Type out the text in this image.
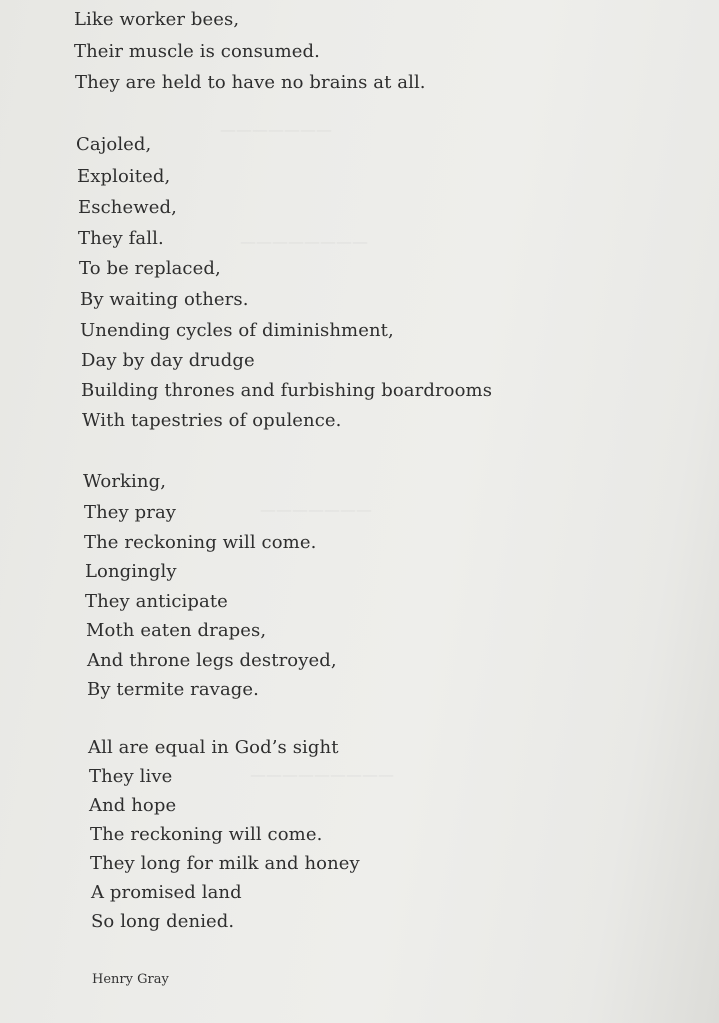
———————
————————
———————
—————————
Like worker bees,
Their muscle is consumed.
They are held to have no brains at all.
Cajoled,
Exploited,
Eschewed,
They fall.
To be replaced,
By waiting others.
Unending cycles of diminishment,
Day by day drudge
Building thrones and furbishing boardrooms
With tapestries of opulence.
Working,
They pray
The reckoning will come.
Longingly
They anticipate
Moth eaten drapes,
And throne legs destroyed,
By termite ravage.
All are equal in God’s sight
They live
And hope
The reckoning will come.
They long for milk and honey
A promised land
So long denied.
Henry Gray
